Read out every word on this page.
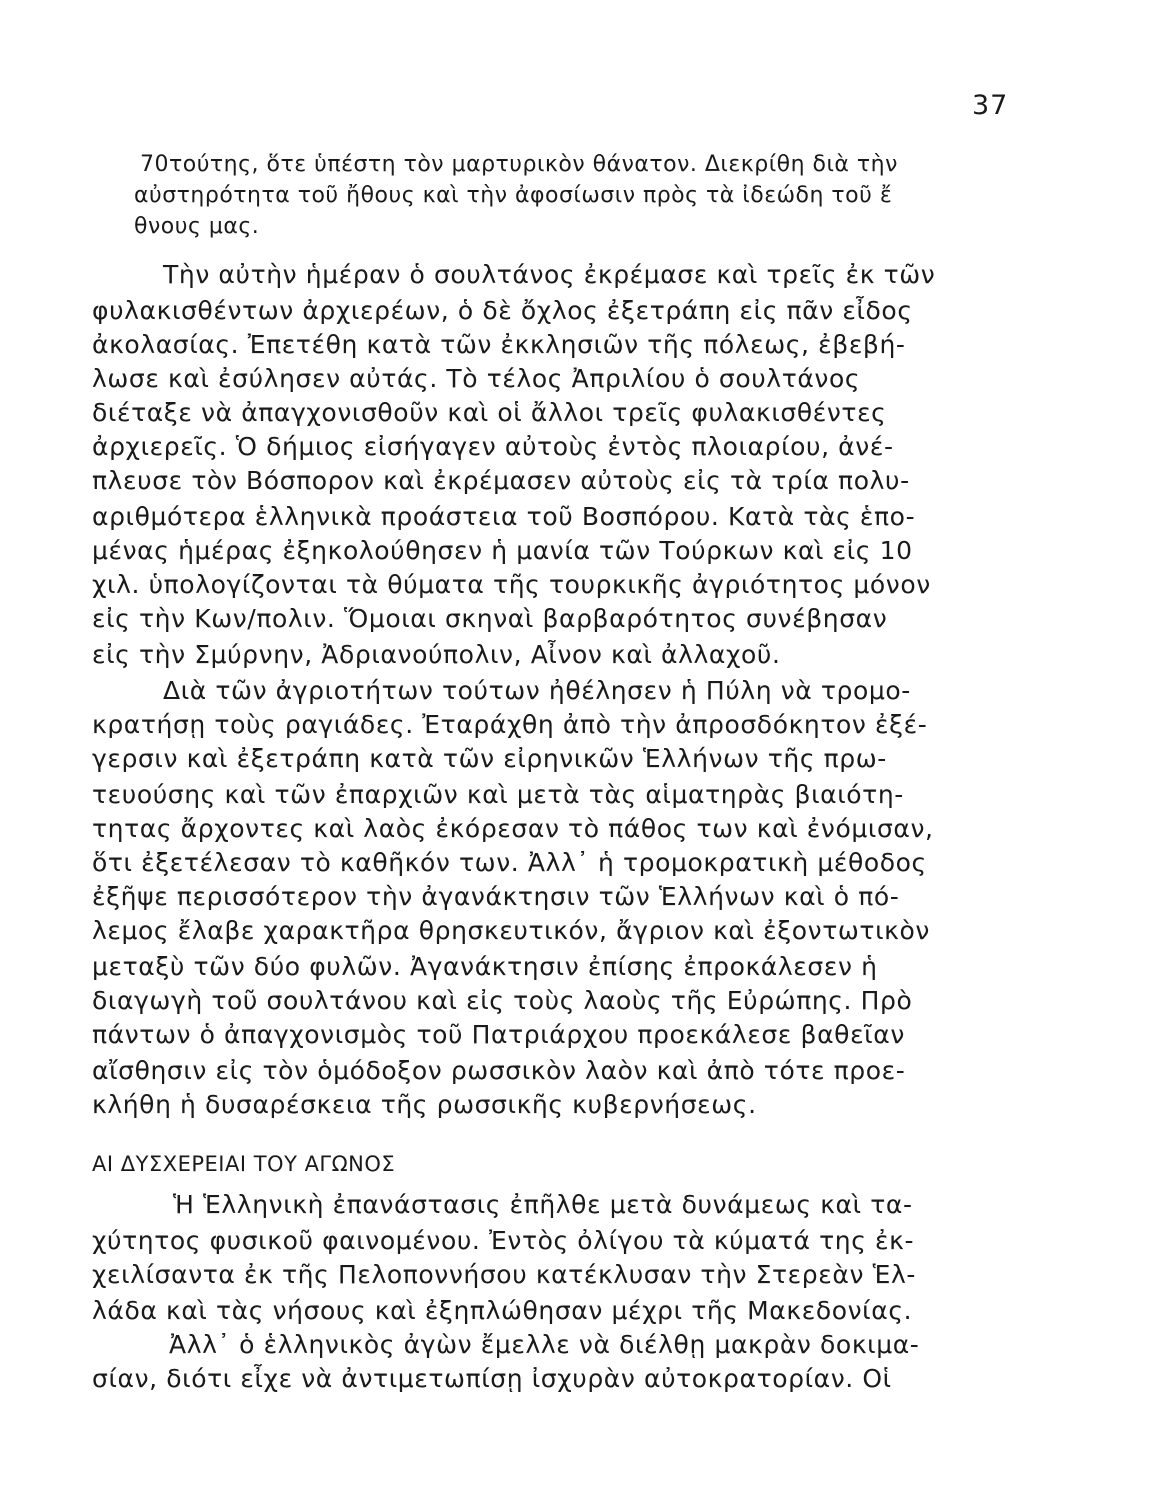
37
70τούτης, ὅτε ὑπέστη τὸν μαρτυρικὸν θάνατον. Διεκρίθη διὰ τὴν
αὐστηρότητα τοῦ ἤθους καὶ τὴν ἀφοσίωσιν πρὸς τὰ ἰδεώδη τοῦ ἔ
θνους μας.
Τὴν αὐτὴν ἡμέραν ὁ σουλτάνος ἐκρέμασε καὶ τρεῖς ἐκ τῶν
φυλακισθέντων ἀρχιερέων, ὁ δὲ ὄχλος ἐξετράπη εἰς πᾶν εἶδος
ἀκολασίας. Ἐπετέθη κατὰ τῶν ἐκκλησιῶν τῆς πόλεως, ἐβεβή-
λωσε καὶ ἐσύλησεν αὐτάς. Τὸ τέλος Ἀπριλίου ὁ σουλτάνος
διέταξε νὰ ἀπαγχονισθοῦν καὶ οἱ ἄλλοι τρεῖς φυλακισθέντες
ἀρχιερεῖς. Ὁ δήμιος εἰσήγαγεν αὐτοὺς ἐντὸς πλοιαρίου, ἀνέ-
πλευσε τὸν Βόσπορον καὶ ἐκρέμασεν αὐτοὺς εἰς τὰ τρία πολυ-
αριθμότερα ἑλληνικὰ προάστεια τοῦ Βοσπόρου. Κατὰ τὰς ἑπο-
μένας ἡμέρας ἐξηκολούθησεν ἡ μανία τῶν Τούρκων καὶ εἰς 10
χιλ. ὑπολογίζονται τὰ θύματα τῆς τουρκικῆς ἀγριότητος μόνον
εἰς τὴν Κων/πολιν. Ὅμοιαι σκηναὶ βαρβαρότητος συνέβησαν
εἰς τὴν Σμύρνην, Ἀδριανούπολιν, Αἶνον καὶ ἀλλαχοῦ.
Διὰ τῶν ἀγριοτήτων τούτων ἠθέλησεν ἡ Πύλη νὰ τρομο-
κρατήσῃ τοὺς ραγιάδες. Ἐταράχθη ἀπὸ τὴν ἀπροσδόκητον ἐξέ-
γερσιν καὶ ἐξετράπη κατὰ τῶν εἰρηνικῶν Ἑλλήνων τῆς πρω-
τευούσης καὶ τῶν ἐπαρχιῶν καὶ μετὰ τὰς αἱματηρὰς βιαιότη-
τητας ἄρχοντες καὶ λαὸς ἐκόρεσαν τὸ πάθος των καὶ ἐνόμισαν,
ὅτι ἐξετέλεσαν τὸ καθῆκόν των. Ἀλλ᾽ ἡ τρομοκρατικὴ μέθοδος
ἐξῆψε περισσότερον τὴν ἀγανάκτησιν τῶν Ἑλλήνων καὶ ὁ πό-
λεμος ἔλαβε χαρακτῆρα θρησκευτικόν, ἄγριον καὶ ἐξοντωτικὸν
μεταξὺ τῶν δύο φυλῶν. Ἀγανάκτησιν ἐπίσης ἐπροκάλεσεν ἡ
διαγωγὴ τοῦ σουλτάνου καὶ εἰς τοὺς λαοὺς τῆς Εὐρώπης. Πρὸ
πάντων ὁ ἀπαγχονισμὸς τοῦ Πατριάρχου προεκάλεσε βαθεῖαν
αἴσθησιν εἰς τὸν ὁμόδοξον ρωσσικὸν λαὸν καὶ ἀπὸ τότε προε-
κλήθη ἡ δυσαρέσκεια τῆς ρωσσικῆς κυβερνήσεως.
ΑΙ ΔΥΣΧΕΡΕΙΑΙ ΤΟΥ ΑΓΩΝΟΣ
Ἡ Ἑλληνικὴ ἐπανάστασις ἐπῆλθε μετὰ δυνάμεως καὶ τα-
χύτητος φυσικοῦ φαινομένου. Ἐντὸς ὀλίγου τὰ κύματά της ἐκ-
χειλίσαντα ἐκ τῆς Πελοποννήσου κατέκλυσαν τὴν Στερεὰν Ἑλ-
λάδα καὶ τὰς νήσους καὶ ἐξηπλώθησαν μέχρι τῆς Μακεδονίας.
Ἀλλ᾽ ὁ ἑλληνικὸς ἀγὼν ἔμελλε νὰ διέλθῃ μακρὰν δοκιμα-
σίαν, διότι εἶχε νὰ ἀντιμετωπίσῃ ἰσχυρὰν αὐτοκρατορίαν. Οἱ
